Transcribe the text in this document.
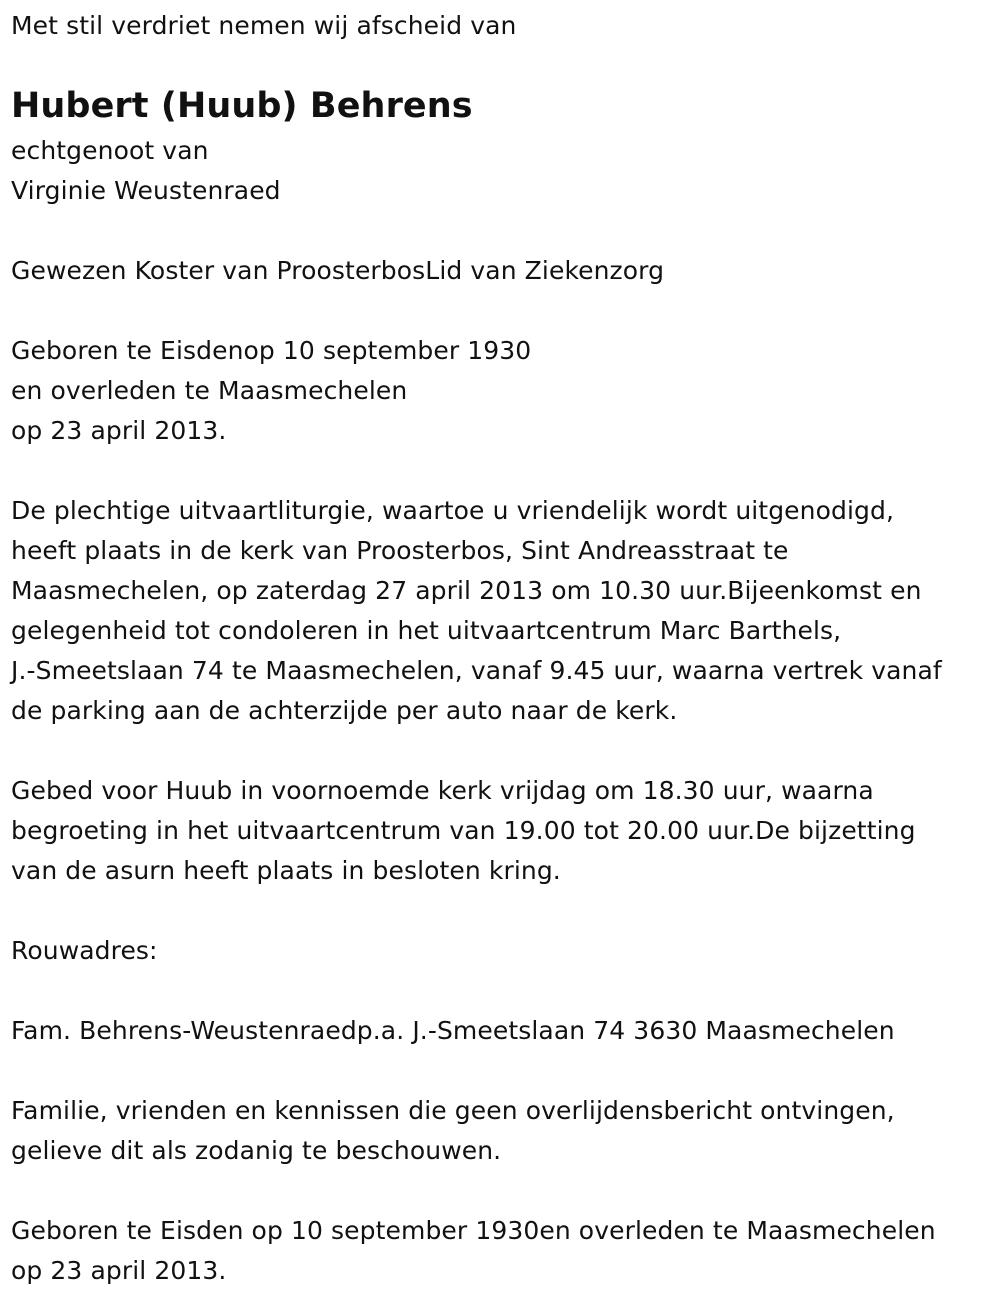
Met stil verdriet nemen wij afscheid van
Hubert (Huub) Behrens
echtgenoot van
Virginie Weustenraed
Gewezen Koster van ProosterbosLid van Ziekenzorg
Geboren te Eisdenop 10 september 1930
en overleden te Maasmechelen
op 23 april 2013.
De plechtige uitvaartliturgie, waartoe u vriendelijk wordt uitgenodigd,
heeft plaats in de kerk van Proosterbos, Sint Andreasstraat te
Maasmechelen, op zaterdag 27 april 2013 om 10.30 uur.Bijeenkomst en
gelegenheid tot condoleren in het uitvaartcentrum Marc Barthels,
J.-Smeetslaan 74 te Maasmechelen, vanaf 9.45 uur, waarna vertrek vanaf
de parking aan de achterzijde per auto naar de kerk.
Gebed voor Huub in voornoemde kerk vrijdag om 18.30 uur, waarna
begroeting in het uitvaartcentrum van 19.00 tot 20.00 uur.De bijzetting
van de asurn heeft plaats in besloten kring.
Rouwadres:
Fam. Behrens-Weustenraedp.a. J.-Smeetslaan 74 3630 Maasmechelen
Familie, vrienden en kennissen die geen overlijdensbericht ontvingen,
gelieve dit als zodanig te beschouwen.
Geboren te Eisden op 10 september 1930en overleden te Maasmechelen
op 23 april 2013.
